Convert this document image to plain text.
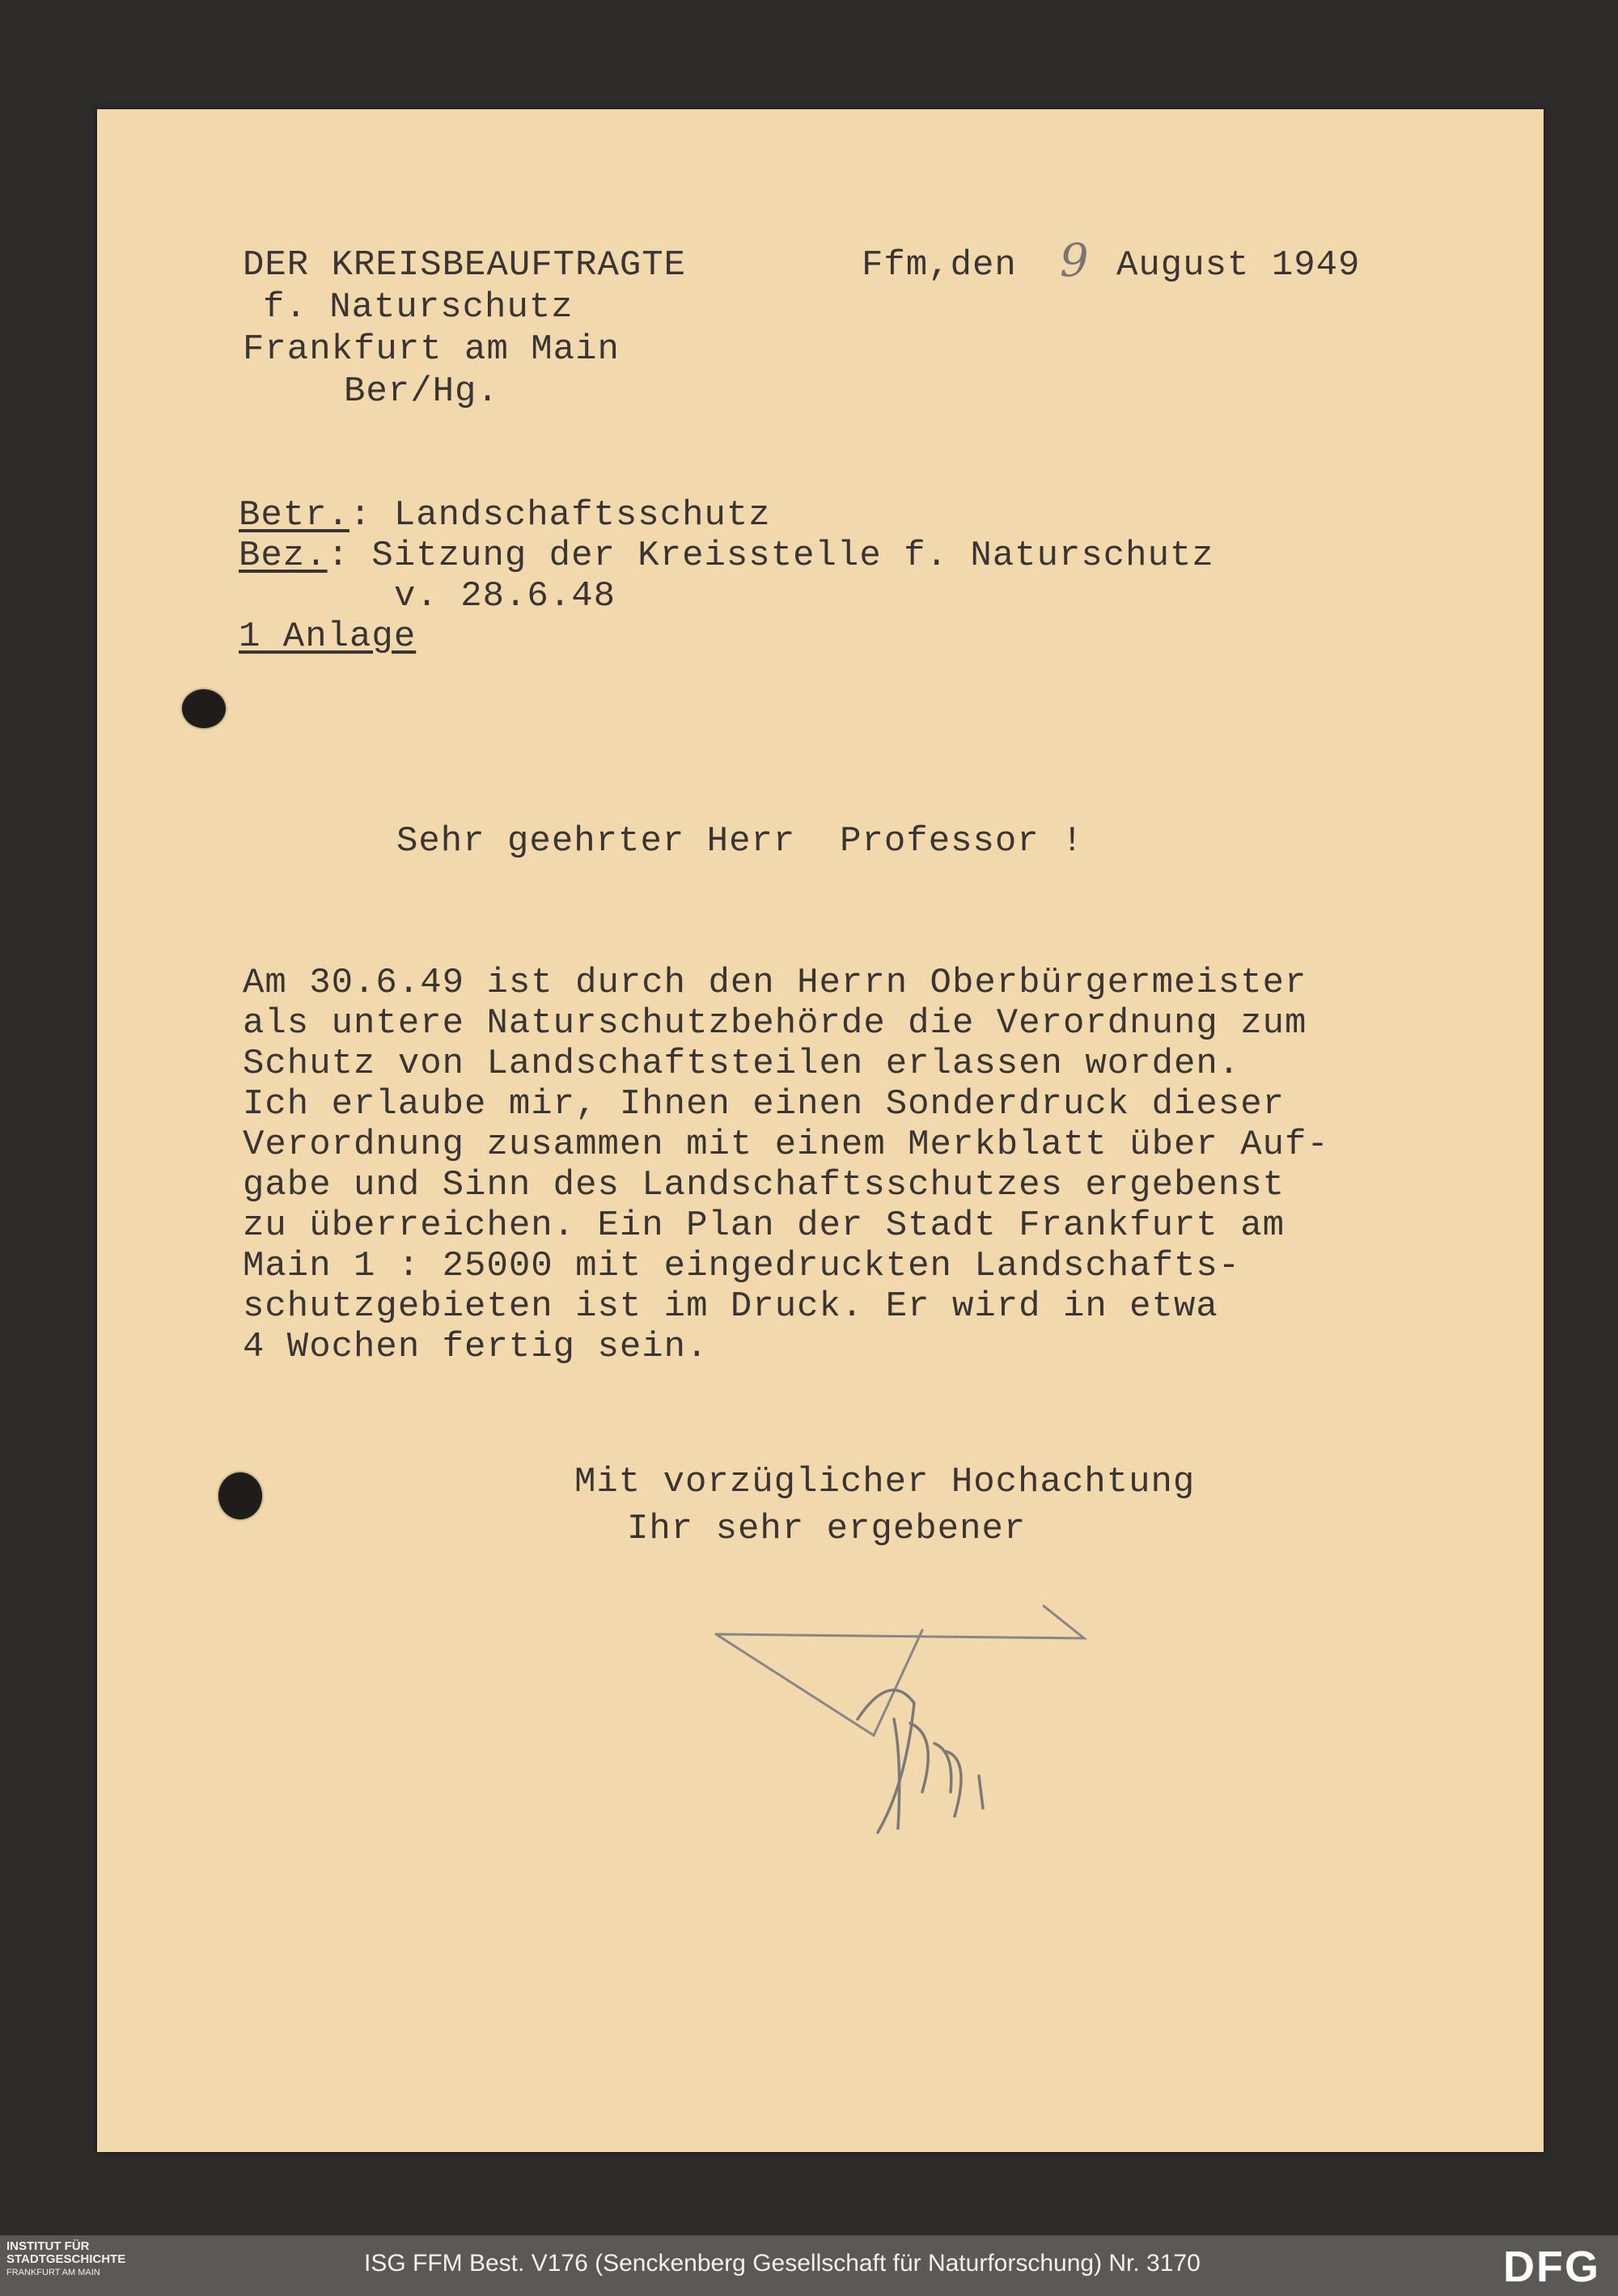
DER KREISBEAUFTRAGTE
f. Naturschutz
Frankfurt am Main
Ber/Hg.
Ffm,den 9 August 1949
Betr.: Landschaftsschutz
Bez.: Sitzung der Kreisstelle f. Naturschutz
v. 28.6.48
1 Anlage
Sehr geehrter Herr  Professor !
Am 30.6.49 ist durch den Herrn Oberbürgermeister
als untere Naturschutzbehörde die Verordnung zum
Schutz von Landschaftsteilen erlassen worden.
Ich erlaube mir, Ihnen einen Sonderdruck dieser
Verordnung zusammen mit einem Merkblatt über Auf-
gabe und Sinn des Landschaftsschutzes ergebenst
zu überreichen. Ein Plan der Stadt Frankfurt am
Main 1 : 25000 mit eingedruckten Landschafts-
schutzgebieten ist im Druck. Er wird in etwa
4 Wochen fertig sein.
Mit vorzüglicher Hochachtung
Ihr sehr ergebener
INSTITUT FÜR
STADTGESCHICHTE
FRANKFURT AM MAIN	ISG FFM Best. V176 (Senckenberg Gesellschaft für Naturforschung) Nr. 3170	DFG
